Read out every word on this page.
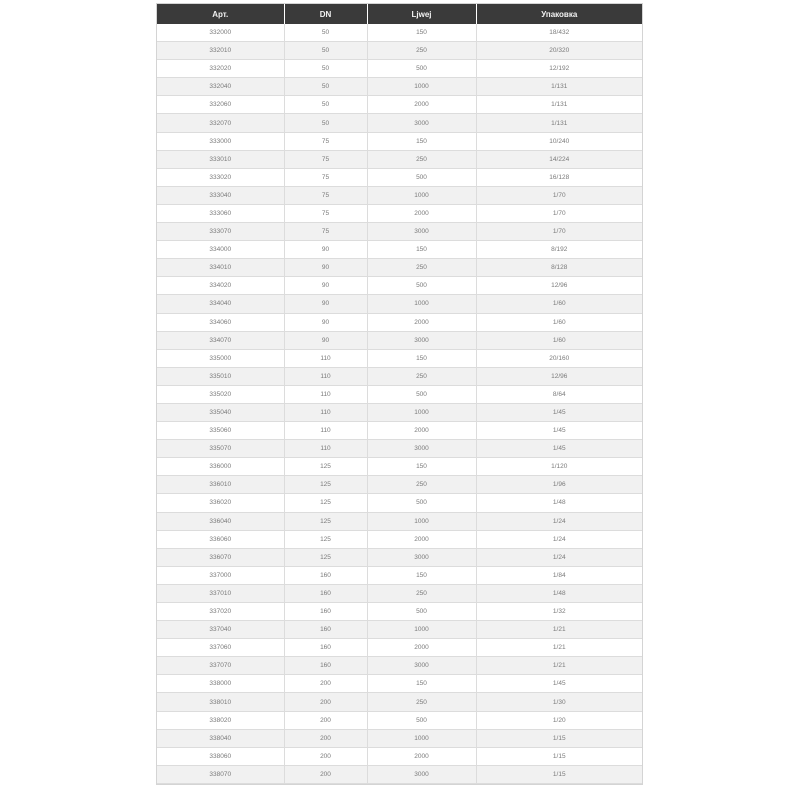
Арт.	DN	Ljwej	Упаковка
332000	50	150	18/432
332010	50	250	20/320
332020	50	500	12/192
332040	50	1000	1/131
332060	50	2000	1/131
332070	50	3000	1/131
333000	75	150	10/240
333010	75	250	14/224
333020	75	500	16/128
333040	75	1000	1/70
333060	75	2000	1/70
333070	75	3000	1/70
334000	90	150	8/192
334010	90	250	8/128
334020	90	500	12/96
334040	90	1000	1/60
334060	90	2000	1/60
334070	90	3000	1/60
335000	110	150	20/160
335010	110	250	12/96
335020	110	500	8/64
335040	110	1000	1/45
335060	110	2000	1/45
335070	110	3000	1/45
336000	125	150	1/120
336010	125	250	1/96
336020	125	500	1/48
336040	125	1000	1/24
336060	125	2000	1/24
336070	125	3000	1/24
337000	160	150	1/84
337010	160	250	1/48
337020	160	500	1/32
337040	160	1000	1/21
337060	160	2000	1/21
337070	160	3000	1/21
338000	200	150	1/45
338010	200	250	1/30
338020	200	500	1/20
338040	200	1000	1/15
338060	200	2000	1/15
338070	200	3000	1/15
